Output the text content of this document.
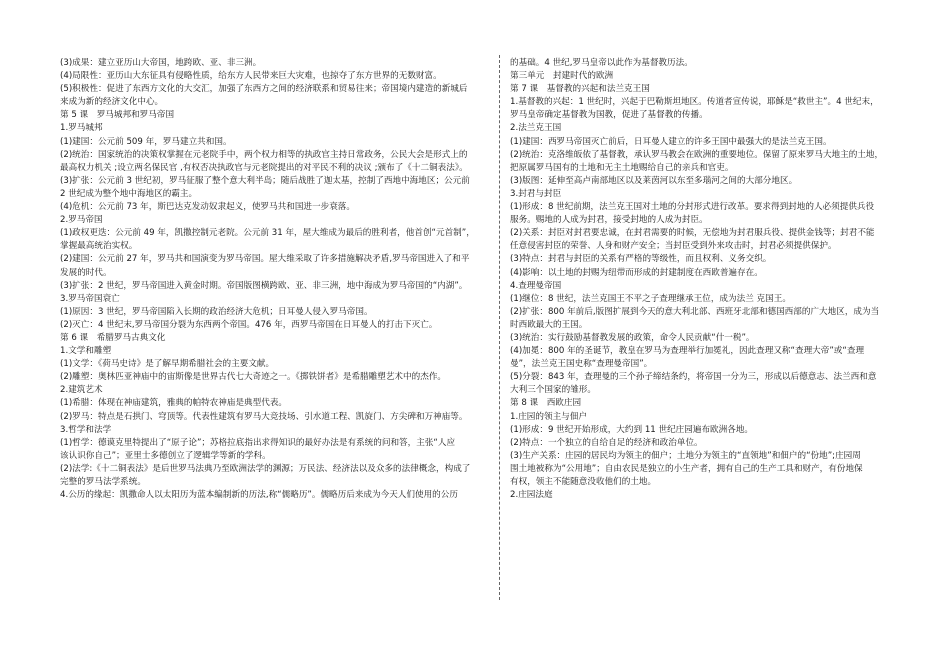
(3)成果：建立亚历山大帝国，地跨欧、亚、非三洲。
(4)局限性：亚历山大东征具有侵略性质，给东方人民带来巨大灾难，也掠夺了东方世界的无数财富。
(5)积极性：促进了东西方文化的大交汇，加强了东西方之间的经济联系和贸易往来；帝国境内建造的新城后
来成为新的经济文化中心。
第 5 课　罗马城邦和罗马帝国
1.罗马城邦
(1)建国：公元前 509 年，罗马建立共和国。
(2)统治：国家统治的决策权掌握在元老院手中，两个权力相等的执政官主持日常政务，公民大会是形式上的
最高权力机关 ;设立两名保民官 ,有权否决执政官与元老院提出的对平民不利的决议 ;颁布了《十二铜表法》。
(3)扩张：公元前 3 世纪初，罗马征服了整个意大利半岛；随后战胜了迦太基，控制了西地中海地区；公元前
2 世纪成为整个地中海地区的霸主。
(4)危机：公元前 73 年，斯巴达克发动奴隶起义，使罗马共和国进一步衰落。
2.罗马帝国
(1)政权更迭：公元前 49 年，凯撒控制元老院。公元前 31 年，屋大维成为最后的胜利者，他首创“元首制”，
掌握最高统治实权。
(2)建国：公元前 27 年，罗马共和国演变为罗马帝国。屋大维采取了许多措施解决矛盾,罗马帝国进入了和平
发展的时代。
(3)扩张：2 世纪，罗马帝国进入黄金时期。帝国版图横跨欧、亚、非三洲，地中海成为罗马帝国的“内湖”。
3.罗马帝国衰亡
(1)原因：3 世纪，罗马帝国陷入长期的政治经济大危机；日耳曼人侵入罗马帝国。
(2)灭亡：4 世纪末,罗马帝国分裂为东西两个帝国。476 年，西罗马帝国在日耳曼人的打击下灭亡。
第 6 课　希腊罗马古典文化
1.文学和雕塑
(1)文学：《荷马史诗》是了解早期希腊社会的主要文献。
(2)雕塑：奥林匹亚神庙中的宙斯像是世界古代七大奇迹之一。《掷铁饼者》是希腊雕塑艺术中的杰作。
2.建筑艺术
(1)希腊：体现在神庙建筑，雅典的帕特农神庙是典型代表。
(2)罗马：特点是石拱门、穹顶等。代表性建筑有罗马大竞技场、引水道工程、凯旋门、方尖碑和万神庙等。
3.哲学和法学
(1)哲学：德谟克里特提出了“原子论”；苏格拉底指出求得知识的最好办法是有系统的问和答，主张“人应
该认识你自己”；亚里士多德创立了逻辑学等新的学科。
(2)法学:《十二铜表法》是后世罗马法典乃至欧洲法学的渊源；万民法、经济法以及众多的法律概念，构成了
完整的罗马法学系统。
4.公历的缘起：凯撒命人以太阳历为蓝本编制新的历法,称“儒略历”。儒略历后来成为今天人们使用的公历
的基础。4 世纪,罗马皇帝以此作为基督教历法。
第三单元　封建时代的欧洲
第 7 课　基督教的兴起和法兰克王国
1.基督教的兴起：1 世纪时，兴起于巴勒斯坦地区。传道者宣传说，耶稣是“救世主”。4 世纪末，
罗马皇帝确定基督教为国教，促进了基督教的传播。
2.法兰克王国
(1)建国：西罗马帝国灭亡前后，日耳曼人建立的许多王国中最强大的是法兰克王国。
(2)统治：克洛维皈依了基督教，承认罗马教会在欧洲的重要地位。保留了原来罗马大地主的土地，
把原属罗马国有的土地和无主土地赐给自己的亲兵和官吏。
(3)版图：延伸至高卢南部地区以及莱茵河以东至多瑙河之间的大部分地区。
3.封君与封臣
(1)形成：8 世纪前期，法兰克王国对土地的分封形式进行改革。要求得到封地的人必须提供兵役
服务。赐地的人成为封君，接受封地的人成为封臣。
(2)关系：封臣对封君要忠诚，在封君需要的时候，无偿地为封君服兵役、提供金钱等；封君不能
任意侵害封臣的荣誉、人身和财产安全；当封臣受到外来攻击时，封君必须提供保护。
(3)特点：封君与封臣的关系有严格的等级性，而且权利、义务交织。
(4)影响：以土地的封赐为纽带而形成的封建制度在西欧普遍存在。
4.查理曼帝国
(1)继位：8 世纪，法兰克国王不平之子查理继承王位，成为法兰 克国王。
(2)扩张：800 年前后,版图扩展到今天的意大利北部、西班牙北部和德国西部的广大地区，成为当
时西欧最大的王国。
(3)统治：实行鼓励基督教发展的政策，命令人民贡献“什一税”。
(4)加冕：800 年的圣诞节，教皇在罗马为查理举行加冕礼，因此查理又称“查理大帝”或“查理
曼”，法兰克王国史称“查理曼帝国”。
(5)分裂：843 年，查理曼的三个孙子缔结条约，将帝国一分为三，形成以后德意志、法兰西和意
大利三个国家的雏形。
第 8 课　西欧庄园
1.庄园的领主与佃户
(1)形成：9 世纪开始形成，大约到 11 世纪庄园遍布欧洲各地。
(2)特点：一个独立的自给自足的经济和政治单位。
(3)生产关系：庄园的居民均为领主的佃户；土地分为领主的“直领地”和佃户的“份地”;庄园周
围土地被称为“公用地”；自由农民是独立的小生产者，拥有自己的生产工具和财产，有份地保
有权，领主不能随意没收他们的土地。
2.庄园法庭
